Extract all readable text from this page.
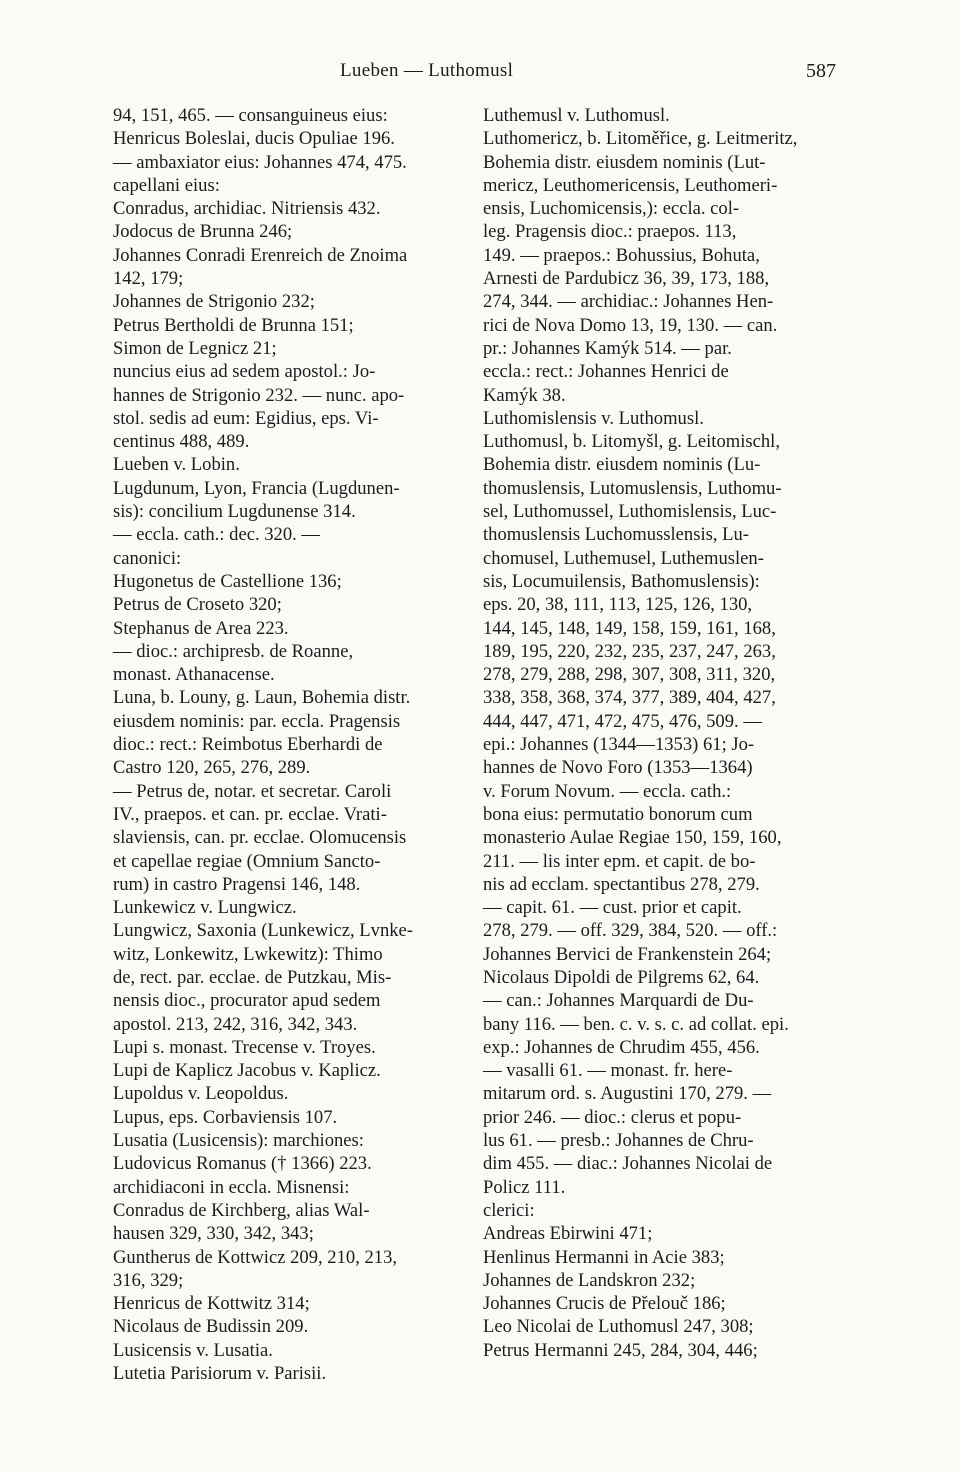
Lueben — Luthomusl	587
94, 151, 465. — consanguineus eius:
Henricus Boleslai, ducis Opuliae 196.
— ambaxiator eius: Johannes 474, 475.
capellani eius:
Conradus, archidiac. Nitriensis 432.
Jodocus de Brunna 246;
Johannes Conradi Erenreich de Znoima
142, 179;
Johannes de Strigonio 232;
Petrus Bertholdi de Brunna 151;
Simon de Legnicz 21;
nuncius eius ad sedem apostol.: Jo-
hannes de Strigonio 232. — nunc. apo-
stol. sedis ad eum: Egidius, eps. Vi-
centinus 488, 489.
Lueben v. Lobin.
Lugdunum, Lyon, Francia (Lugdunen-
sis): concilium Lugdunense 314.
— eccla. cath.: dec. 320. —
canonici:
Hugonetus de Castellione 136;
Petrus de Croseto 320;
Stephanus de Area 223.
— dioc.: archipresb. de Roanne,
monast. Athanacense.
Luna, b. Louny, g. Laun, Bohemia distr.
eiusdem nominis: par. eccla. Pragensis
dioc.: rect.: Reimbotus Eberhardi de
Castro 120, 265, 276, 289.
— Petrus de, notar. et secretar. Caroli
IV., praepos. et can. pr. ecclae. Vrati-
slaviensis, can. pr. ecclae. Olomucensis
et capellae regiae (Omnium Sancto-
rum) in castro Pragensi 146, 148.
Lunkewicz v. Lungwicz.
Lungwicz, Saxonia (Lunkewicz, Lvnke-
witz, Lonkewitz, Lwkewitz): Thimo
de, rect. par. ecclae. de Putzkau, Mis-
nensis dioc., procurator apud sedem
apostol. 213, 242, 316, 342, 343.
Lupi s. monast. Trecense v. Troyes.
Lupi de Kaplicz Jacobus v. Kaplicz.
Lupoldus v. Leopoldus.
Lupus, eps. Corbaviensis 107.
Lusatia (Lusicensis): marchiones:
Ludovicus Romanus († 1366) 223.
archidiaconi in eccla. Misnensi:
Conradus de Kirchberg, alias Wal-
hausen 329, 330, 342, 343;
Guntherus de Kottwicz 209, 210, 213,
316, 329;
Henricus de Kottwitz 314;
Nicolaus de Budissin 209.
Lusicensis v. Lusatia.
Lutetia Parisiorum v. Parisii.
Luthemusl v. Luthomusl.
Luthomericz, b. Litoměřice, g. Leitmeritz,
Bohemia distr. eiusdem nominis (Lut-
mericz, Leuthomericensis, Leuthomeri-
ensis, Luchomicensis,): eccla. col-
leg. Pragensis dioc.: praepos. 113,
149. — praepos.: Bohussius, Bohuta,
Arnesti de Pardubicz 36, 39, 173, 188,
274, 344. — archidiac.: Johannes Hen-
rici de Nova Domo 13, 19, 130. — can.
pr.: Johannes Kamýk 514. — par.
eccla.: rect.: Johannes Henrici de
Kamýk 38.
Luthomislensis v. Luthomusl.
Luthomusl, b. Litomyšl, g. Leitomischl,
Bohemia distr. eiusdem nominis (Lu-
thomuslensis, Lutomuslensis, Luthomu-
sel, Luthomussel, Luthomislensis, Luc-
thomuslensis Luchomusslensis, Lu-
chomusel, Luthemusel, Luthemuslen-
sis, Locumuilensis, Bathomuslensis):
eps. 20, 38, 111, 113, 125, 126, 130,
144, 145, 148, 149, 158, 159, 161, 168,
189, 195, 220, 232, 235, 237, 247, 263,
278, 279, 288, 298, 307, 308, 311, 320,
338, 358, 368, 374, 377, 389, 404, 427,
444, 447, 471, 472, 475, 476, 509. —
epi.: Johannes (1344—1353) 61; Jo-
hannes de Novo Foro (1353—1364)
v. Forum Novum. — eccla. cath.:
bona eius: permutatio bonorum cum
monasterio Aulae Regiae 150, 159, 160,
211. — lis inter epm. et capit. de bo-
nis ad ecclam. spectantibus 278, 279.
— capit. 61. — cust. prior et capit.
278, 279. — off. 329, 384, 520. — off.:
Johannes Bervici de Frankenstein 264;
Nicolaus Dipoldi de Pilgrems 62, 64.
— can.: Johannes Marquardi de Du-
bany 116. — ben. c. v. s. c. ad collat. epi.
exp.: Johannes de Chrudim 455, 456.
— vasalli 61. — monast. fr. here-
mitarum ord. s. Augustini 170, 279. —
prior 246. — dioc.: clerus et popu-
lus 61. — presb.: Johannes de Chru-
dim 455. — diac.: Johannes Nicolai de
Policz 111.
clerici:
Andreas Ebirwini 471;
Henlinus Hermanni in Acie 383;
Johannes de Landskron 232;
Johannes Crucis de Přelouč 186;
Leo Nicolai de Luthomusl 247, 308;
Petrus Hermanni 245, 284, 304, 446;
